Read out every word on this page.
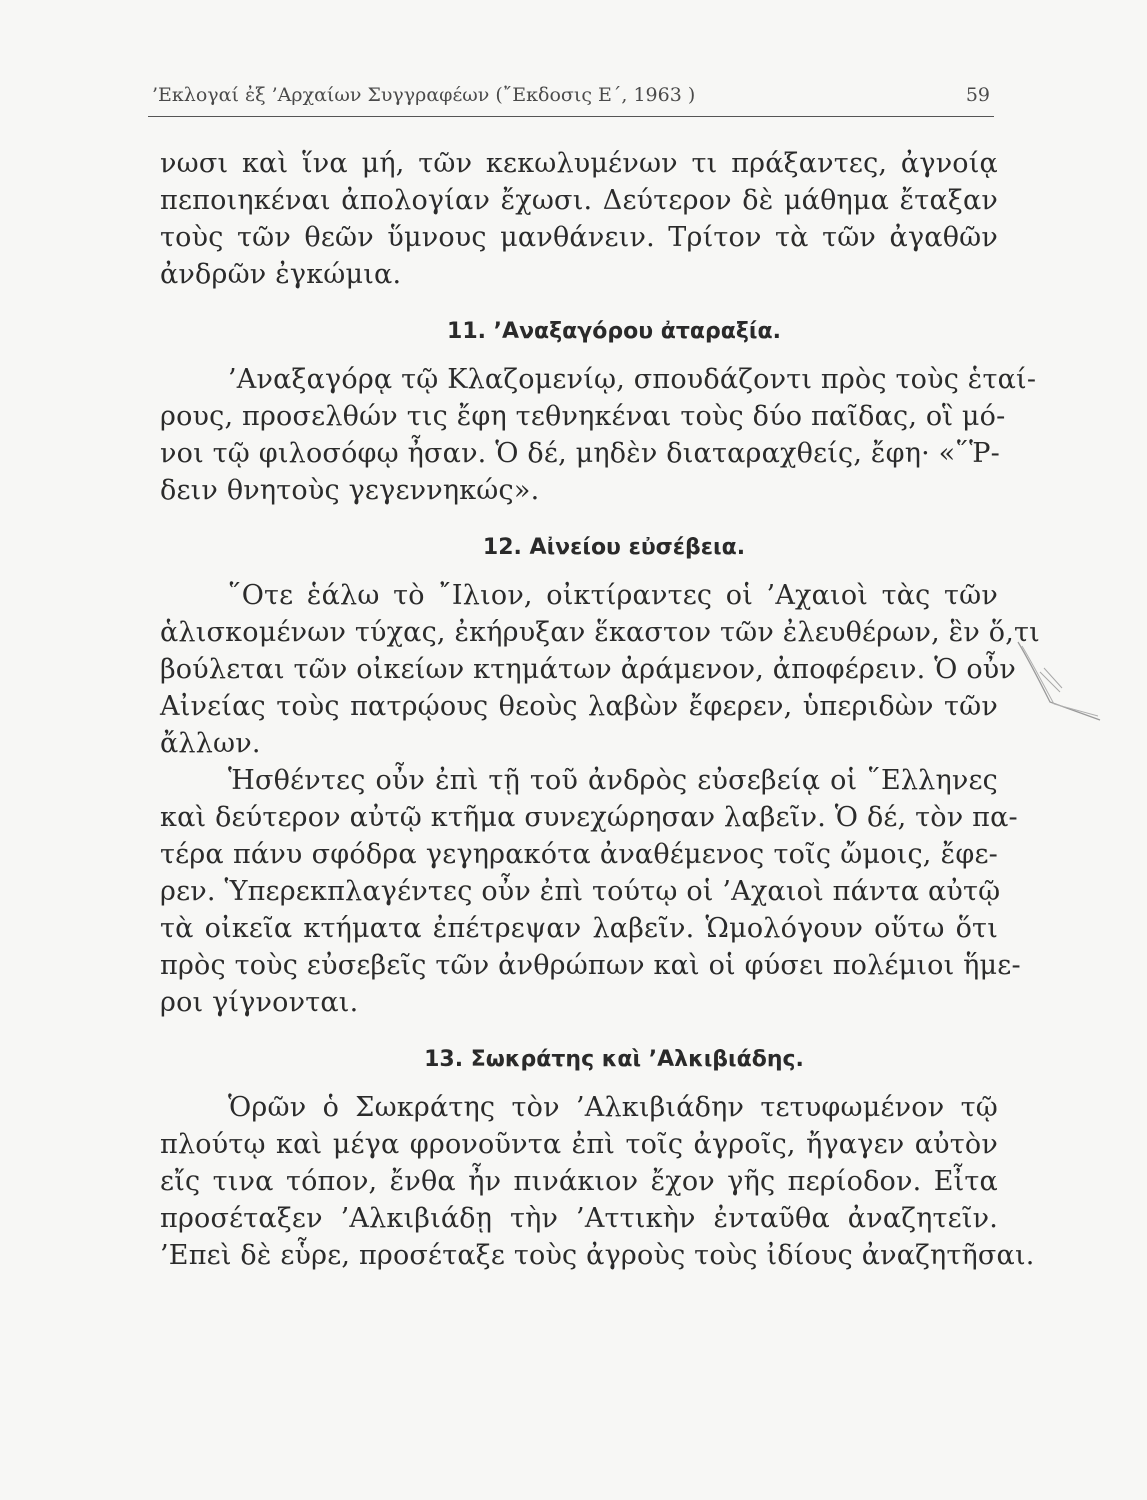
’Εκλογαί ἐξ ’Αρχαίων Συγγραφέων (῎Εκδοσις Ε΄, 1963 )	59
νωσι καὶ ἵνα μή, τῶν κεκωλυμένων τι πράξαντες, ἀγνοίᾳ
πεποιηκέναι ἀπολογίαν ἔχωσι. Δεύτερον δὲ μάθημα ἔταξαν
τοὺς τῶν θεῶν ὕμνους μανθάνειν. Τρίτον τὰ τῶν ἀγαθῶν
ἀνδρῶν ἐγκώμια.
11. ’Αναξαγόρου ἀταραξία.
’Αναξαγόρᾳ τῷ Κλαζομενίῳ, σπουδάζοντι πρὸς τοὺς ἑταί-
ρους, προσελθών τις ἔφη τεθνηκέναι τοὺς δύο παῖδας, οἳ μό-
νοι τῷ φιλοσόφῳ ἦσαν. Ὁ δέ, μηδὲν διαταραχθείς, ἔφη· «῞Ῥ-
δειν θνητοὺς γεγεννηκώς».
12. Αἰνείου εὐσέβεια.
῞Οτε ἑάλω τὸ ῎Ιλιον, οἰκτίραντες οἱ ’Αχαιοὶ τὰς τῶν
ἁλισκομένων τύχας, ἐκήρυξαν ἕκαστον τῶν ἐλευθέρων, ἓν ὅ,τι
βούλεται τῶν οἰκείων κτημάτων ἀράμενον, ἀποφέρειν. Ὁ οὖν
Αἰνείας τοὺς πατρῴους θεοὺς λαβὼν ἔφερεν, ὑπεριδὼν τῶν
ἄλλων.
Ἡσθέντες οὖν ἐπὶ τῇ τοῦ ἀνδρὸς εὐσεβείᾳ οἱ ῞Ελληνες
καὶ δεύτερον αὐτῷ κτῆμα συνεχώρησαν λαβεῖν. Ὁ δέ, τὸν πα-
τέρα πάνυ σφόδρα γεγηρακότα ἀναθέμενος τοῖς ὤμοις, ἔφε-
ρεν. Ὑπερεκπλαγέντες οὖν ἐπὶ τούτῳ οἱ ’Αχαιοὶ πάντα αὐτῷ
τὰ οἰκεῖα κτήματα ἐπέτρεψαν λαβεῖν. Ὡμολόγουν οὕτω ὅτι
πρὸς τοὺς εὐσεβεῖς τῶν ἀνθρώπων καὶ οἱ φύσει πολέμιοι ἥμε-
ροι γίγνονται.
13. Σωκράτης καὶ ’Αλκιβιάδης.
Ὁρῶν ὁ Σωκράτης τὸν ’Αλκιβιάδην τετυφωμένον τῷ
πλούτῳ καὶ μέγα φρονοῦντα ἐπὶ τοῖς ἀγροῖς, ἤγαγεν αὐτὸν
εἴς τινα τόπον, ἔνθα ἦν πινάκιον ἔχον γῆς περίοδον. Εἶτα
προσέταξεν ’Αλκιβιάδῃ τὴν ’Αττικὴν ἐνταῦθα ἀναζητεῖν.
’Επεὶ δὲ εὗρε, προσέταξε τοὺς ἀγροὺς τοὺς ἰδίους ἀναζητῆσαι.
